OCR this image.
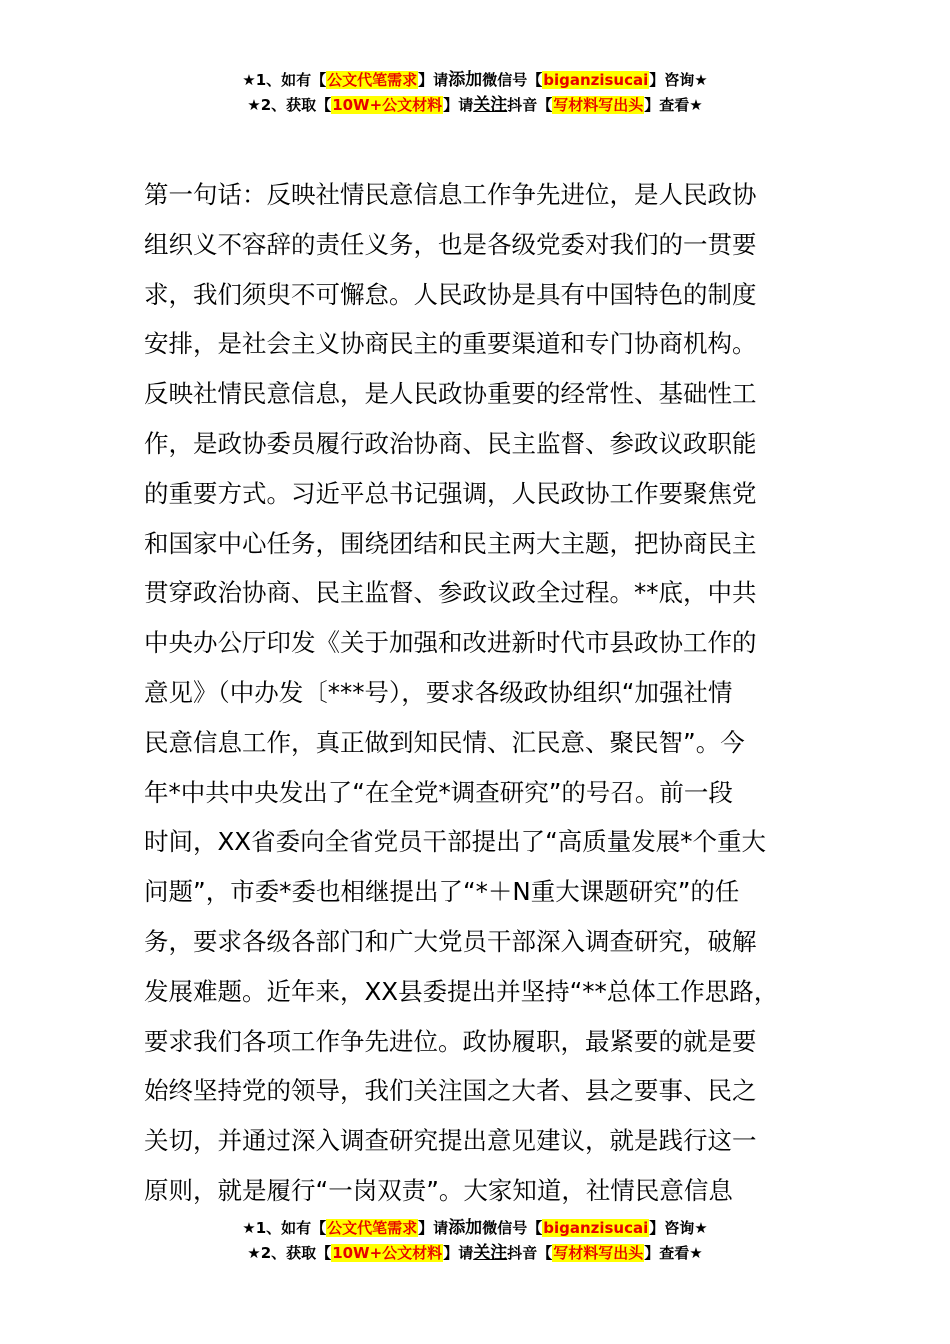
★1、如有【公文代笔需求】请添加微信号【biganzisucai】咨询★
★2、获取【10W+公文材料】请关注抖音【写材料写出头】查看★
第一句话：反映社情民意信息工作争先进位，是人民政协
组织义不容辞的责任义务，也是各级党委对我们的一贯要
求，我们须臾不可懈怠。人民政协是具有中国特色的制度
安排，是社会主义协商民主的重要渠道和专门协商机构。
反映社情民意信息，是人民政协重要的经常性、基础性工
作，是政协委员履行政治协商、民主监督、参政议政职能
的重要方式。习近平总书记强调，人民政协工作要聚焦党
和国家中心任务，围绕团结和民主两大主题，把协商民主
贯穿政治协商、民主监督、参政议政全过程。**底，中共
中央办公厅印发《关于加强和改进新时代市县政协工作的
意见》（中办发〔***号），要求各级政协组织“加强社情
民意信息工作，真正做到知民情、汇民意、聚民智”。今
年*中共中央发出了“在全党*调查研究”的号召。前一段
时间，XX省委向全省党员干部提出了“高质量发展*个重大
问题”，市委*委也相继提出了“*＋N重大课题研究”的任
务，要求各级各部门和广大党员干部深入调查研究，破解
发展难题。近年来，XX县委提出并坚持“**总体工作思路，
要求我们各项工作争先进位。政协履职，最紧要的就是要
始终坚持党的领导，我们关注国之大者、县之要事、民之
关切，并通过深入调查研究提出意见建议，就是践行这一
原则，就是履行“一岗双责”。大家知道，社情民意信息
★1、如有【公文代笔需求】请添加微信号【biganzisucai】咨询★
★2、获取【10W+公文材料】请关注抖音【写材料写出头】查看★
